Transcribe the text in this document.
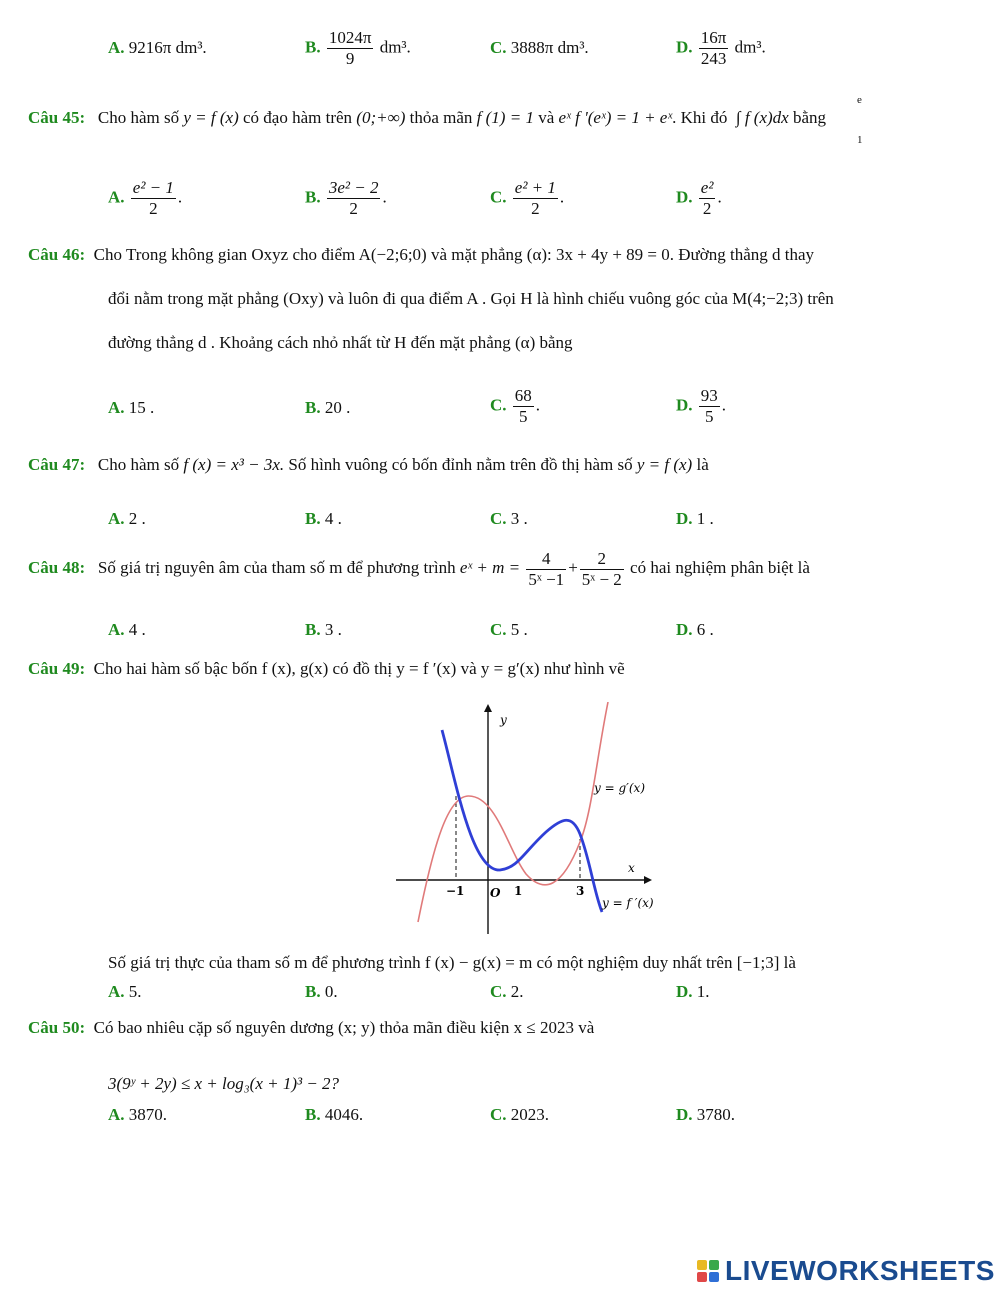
A. 9216π dm³.	B. $\frac{1024\pi}{9} dm^3$.	C. 3888π dm³.	D. $\frac{16\pi}{243} dm^3$.
Câu 45: Cho hàm số y = f (x) có đạo hàm trên (0;+∞) thỏa mãn f (1) = 1 và eˣ f '(eˣ) = 1 + eˣ. Khi đó ∫ f (x)dx bằng
e
1
A. $\frac{\text{e² − 1}}{2}$ .	B. $\frac{\text{3e² − 2}}{2}$ .	C. $\frac{\text{e² + 1}}{2}$ .	D. $\frac{\text{e²}}{2}$ .
Câu 46: Cho Trong không gian Oxyz cho điểm A(−2;6;0) và mặt phẳng (α): 3x + 4y + 89 = 0. Đường thẳng d thay
đổi nằm trong mặt phẳng (Oxy) và luôn đi qua điểm A . Gọi H là hình chiếu vuông góc của M(4;−2;3) trên
đường thẳng d . Khoảng cách nhỏ nhất từ H đến mặt phẳng (α) bằng
A. 15 .	B. 20 .	C. $\frac{68}{5}$ .	D. $\frac{93}{5}$ .
Câu 47: Cho hàm số f (x) = x³ − 3x. Số hình vuông có bốn đỉnh nằm trên đồ thị hàm số y = f (x) là
A. 2 .	B. 4 .	C. 3 .	D. 1 .
Câu 48: Số giá trị nguyên âm của tham số m để phương trình eˣ + $m = \frac{4}{\text{5ˣ −1}} + \frac{2}{\text{5ˣ − 2}}$ có hai nghiệm phân biệt là
A. 4 .	B. 3 .	C. 5 .	D. 6 .
Câu 49: Cho hai hàm số bậc bốn f (x), g(x) có đồ thị y = f ′(x) và y = g′(x) như hình vẽ
y
x
O
−1	1	3
y = g′(x)
y = f ′(x)
Số giá trị thực của tham số m để phương trình f (x) − g(x) = m có một nghiệm duy nhất trên [−1;3] là
A. 5.	B. 0.	C. 2.	D. 1.
Câu 50: Có bao nhiêu cặp số nguyên dương (x; y) thỏa mãn điều kiện x ≤ 2023 và
3(9ʸ + 2y) ≤ x + log₃(x + 1)³ − 2?
A. 3870.	B. 4046.	C. 2023.	D. 3780.
LIVEWORKSHEETS
